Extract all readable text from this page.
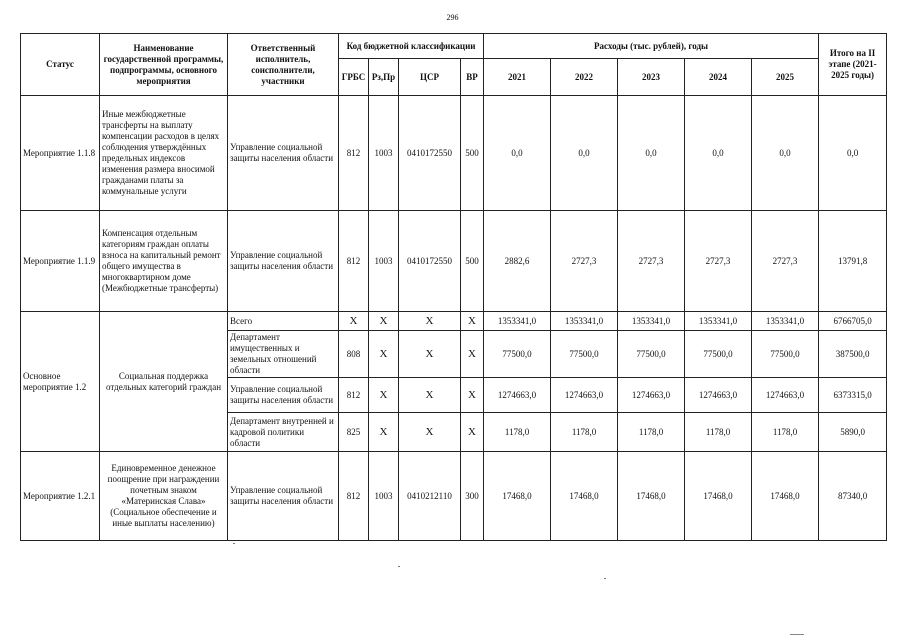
296
Статус	Наименование государственной программы, подпрограммы, основного мероприятия	Ответственный исполнитель, соисполнители, участники	Код бюджетной классификации				Расходы (тыс. рублей), годы					Итого на II этапе (2021-2025 годы)
			ГРБС	Рз,Пр	ЦСР	ВР	2021	2022	2023	2024	2025	
Мероприятие 1.1.8	Иные межбюджетные трансферты на выплату компенсации расходов в целях соблюдения утверждённых предельных индексов изменения размера вносимой гражданами платы за коммунальные услуги	Управление социальной защиты населения области	812	1003	0410172550	500	0,0	0,0	0,0	0,0	0,0	0,0
Мероприятие 1.1.9	Компенсация отдельным категориям граждан оплаты взноса на капитальный ремонт общего имущества в многоквартирном доме (Межбюджетные трансферты)	Управление социальной защиты населения области	812	1003	0410172550	500	2882,6	2727,3	2727,3	2727,3	2727,3	13791,8
Основное мероприятие 1.2	Социальная поддержка отдельных категорий граждан	Всего	X	X	X	X	1353341,0	1353341,0	1353341,0	1353341,0	1353341,0	6766705,0
		Департамент имущественных и земельных отношений области	808	X	X	X	77500,0	77500,0	77500,0	77500,0	77500,0	387500,0
		Управление социальной защиты населения области	812	X	X	X	1274663,0	1274663,0	1274663,0	1274663,0	1274663,0	6373315,0
		Департамент внутренней и кадровой политики области	825	X	X	X	1178,0	1178,0	1178,0	1178,0	1178,0	5890,0
Мероприятие 1.2.1	Единовременное денежное поощрение при награждении почетным знаком «Материнская Слава» (Социальное обеспечение и иные выплаты населению)	Управление социальной защиты населения области	812	1003	0410212110	300	17468,0	17468,0	17468,0	17468,0	17468,0	87340,0
